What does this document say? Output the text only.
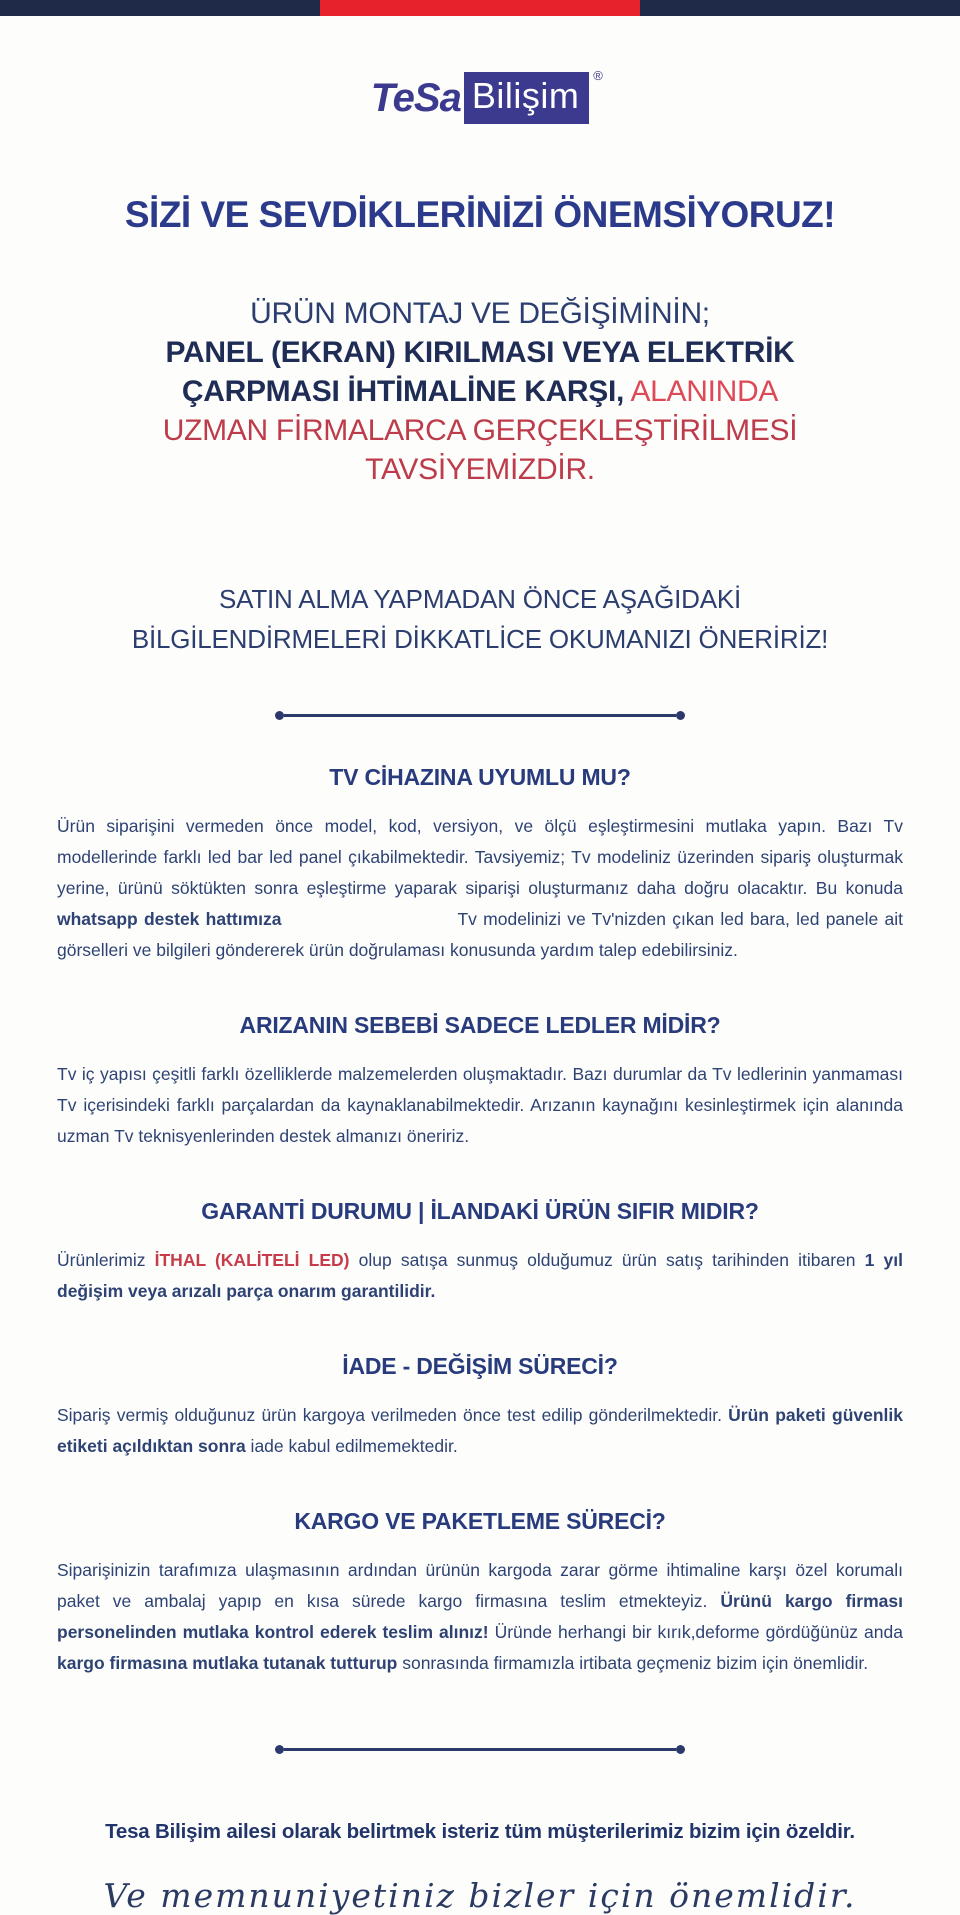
TeSa Bilişim ®
SİZİ VE SEVDİKLERİNİZİ ÖNEMSİYORUZ!
ÜRÜN MONTAJ VE DEĞİŞİMİNİN;
PANEL (EKRAN) KIRILMASI VEYA ELEKTRİK
ÇARPMASI İHTİMALİNE KARŞI, ALANINDA
UZMAN FİRMALARCA GERÇEKLEŞTİRİLMESİ
TAVSİYEMİZDİR.
SATIN ALMA YAPMADAN ÖNCE AŞAĞIDAKİ
BİLGİLENDİRMELERİ DİKKATLİCE OKUMANIZI ÖNERİRİZ!
TV CİHAZINA UYUMLU MU?
Ürün siparişini vermeden önce model, kod, versiyon, ve ölçü eşleştirmesini mutlaka yapın. Bazı Tv modellerinde farklı led bar led panel çıkabilmektedir. Tavsiyemiz; Tv modeliniz üzerinden sipariş oluşturmak yerine, ürünü söktükten sonra eşleştirme yaparak siparişi oluşturmanız daha doğru olacaktır. Bu konuda whatsapp destek hattımıza	Tv modelinizi ve Tv'nizden çıkan led bara, led panele ait görselleri ve bilgileri göndererek ürün doğrulaması konusunda yardım talep edebilirsiniz.
ARIZANIN SEBEBİ SADECE LEDLER MİDİR?
Tv iç yapısı çeşitli farklı özelliklerde malzemelerden oluşmaktadır. Bazı durumlar da Tv ledlerinin yanmaması Tv içerisindeki farklı parçalardan da kaynaklanabilmektedir. Arızanın kaynağını kesinleştirmek için alanında uzman Tv teknisyenlerinden destek almanızı öneririz.
GARANTİ DURUMU | İLANDAKİ ÜRÜN SIFIR MIDIR?
Ürünlerimiz İTHAL (KALİTELİ LED) olup satışa sunmuş olduğumuz ürün satış tarihinden itibaren 1 yıl değişim veya arızalı parça onarım garantilidir.
İADE - DEĞİŞİM SÜRECİ?
Sipariş vermiş olduğunuz ürün kargoya verilmeden önce test edilip gönderilmektedir. Ürün paketi güvenlik etiketi açıldıktan sonra iade kabul edilmemektedir.
KARGO VE PAKETLEME SÜRECİ?
Siparişinizin tarafımıza ulaşmasının ardından ürünün kargoda zarar görme ihtimaline karşı özel korumalı paket ve ambalaj yapıp en kısa sürede kargo firmasına teslim etmekteyiz. Ürünü kargo firması personelinden mutlaka kontrol ederek teslim alınız! Üründe herhangi bir kırık,deforme gördüğünüz anda kargo firmasına mutlaka tutanak tutturup sonrasında firmamızla irtibata geçmeniz bizim için önemlidir.
Tesa Bilişim ailesi olarak belirtmek isteriz tüm müşterilerimiz bizim için özeldir.
Ve memnuniyetiniz bizler için önemlidir.
